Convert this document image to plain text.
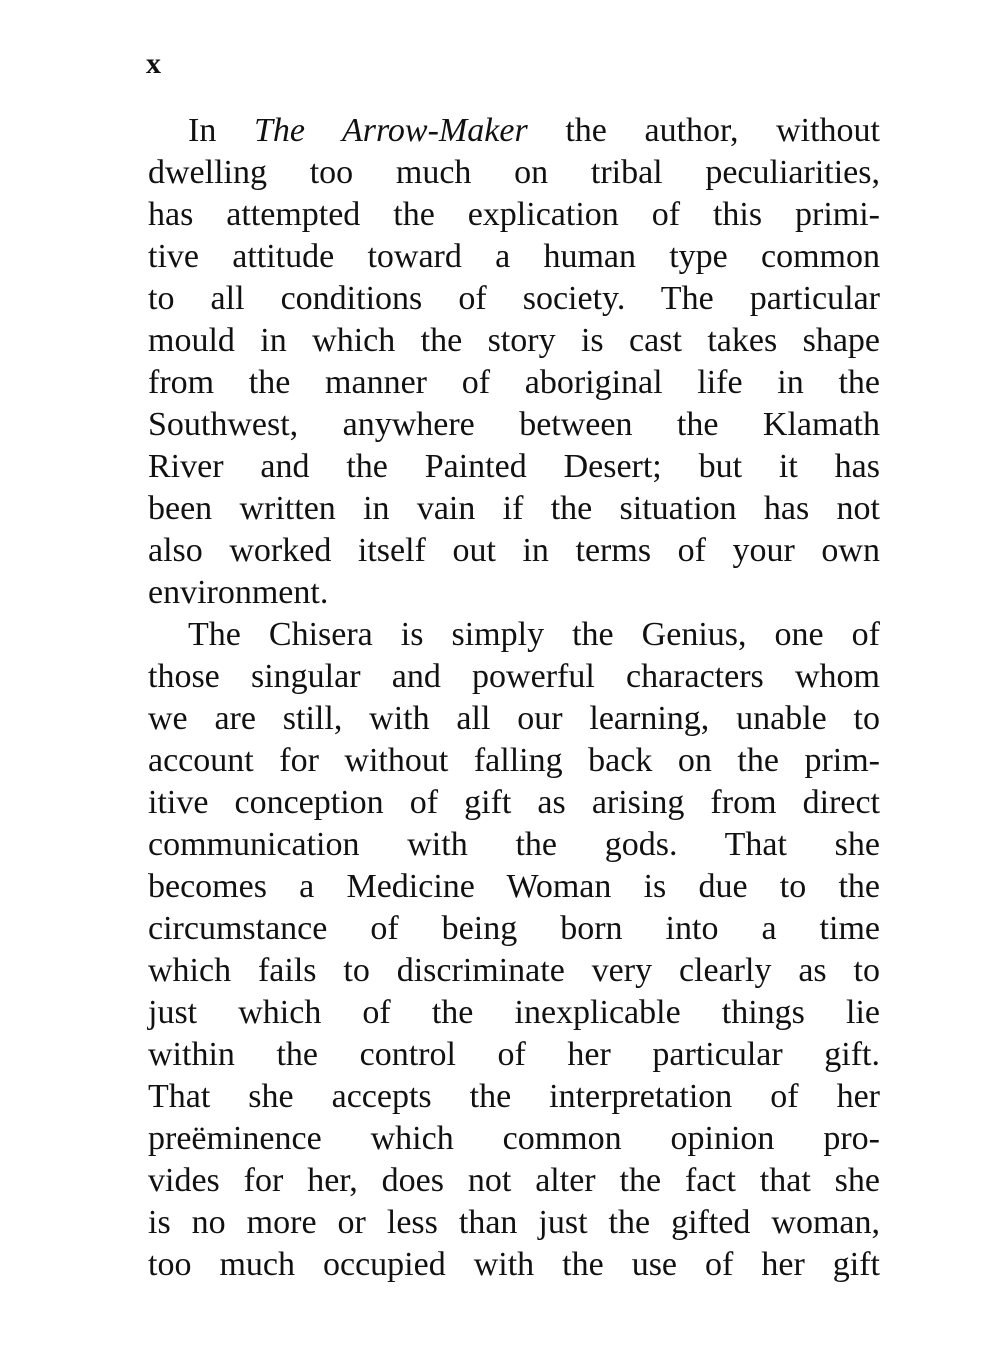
x
In The Arrow-Maker the author, without
dwelling too much on tribal peculiarities,
has attempted the explication of this primi-
tive attitude toward a human type common
to all conditions of society. The particular
mould in which the story is cast takes shape
from the manner of aboriginal life in the
Southwest, anywhere between the Klamath
River and the Painted Desert; but it has
been written in vain if the situation has not
also worked itself out in terms of your own
environment.
The Chisera is simply the Genius, one of
those singular and powerful characters whom
we are still, with all our learning, unable to
account for without falling back on the prim-
itive conception of gift as arising from direct
communication with the gods. That she
becomes a Medicine Woman is due to the
circumstance of being born into a time
which fails to discriminate very clearly as to
just which of the inexplicable things lie
within the control of her particular gift.
That she accepts the interpretation of her
preëminence which common opinion pro-
vides for her, does not alter the fact that she
is no more or less than just the gifted woman,
too much occupied with the use of her gift
